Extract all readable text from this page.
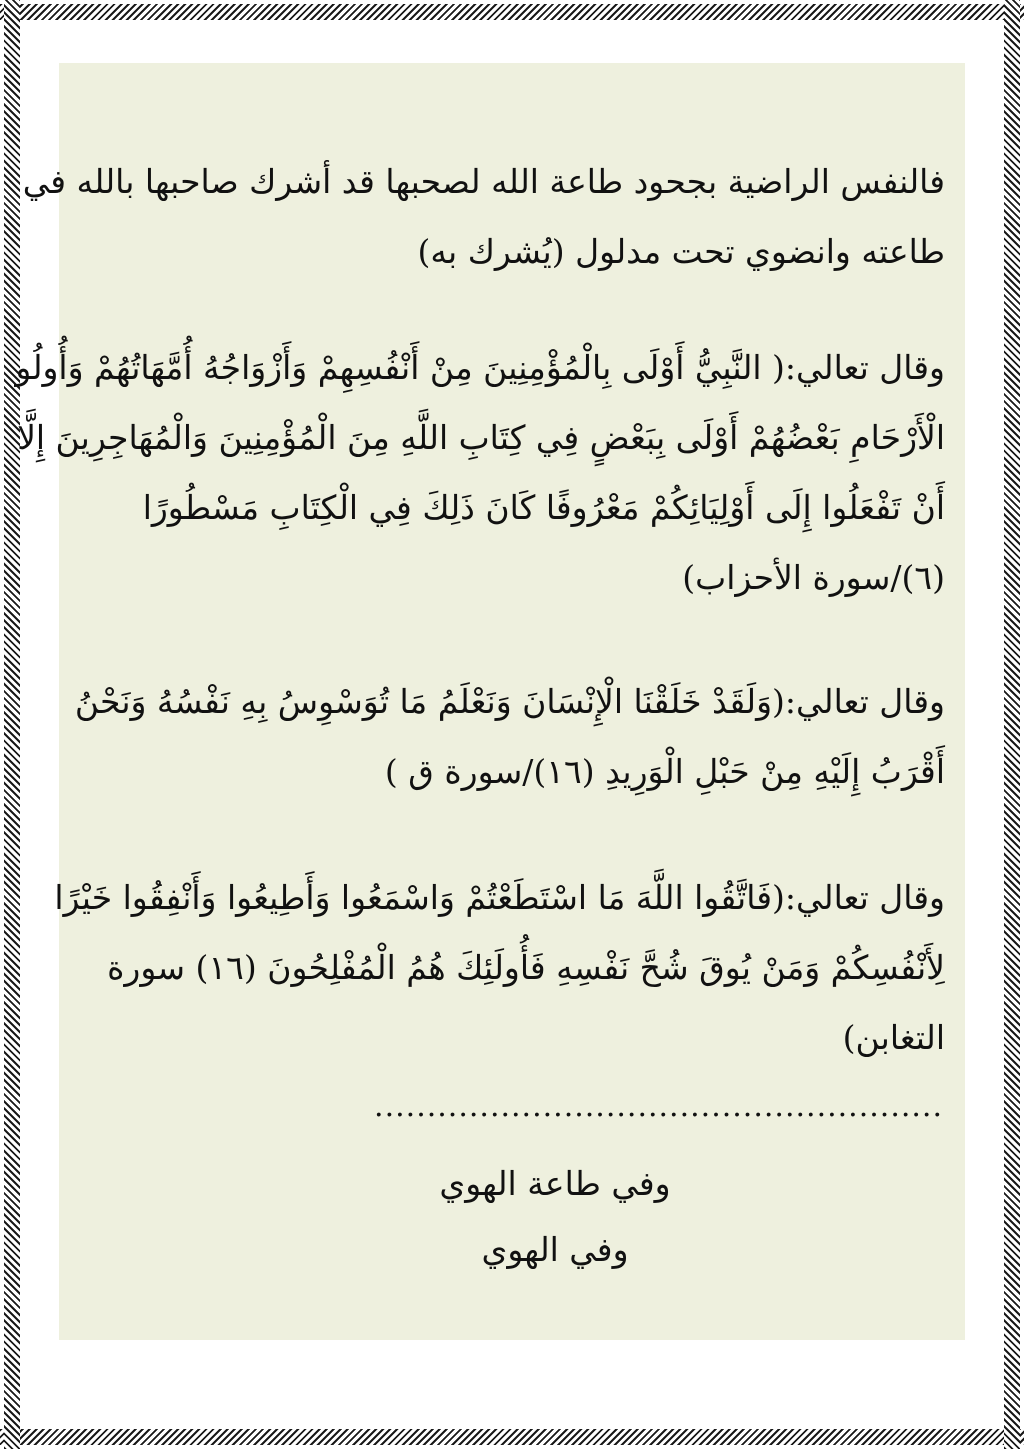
فالنفس الراضية بجحود طاعة الله لصحبها قد أشرك صاحبها بالله في
طاعته وانضوي تحت مدلول (يُشرك به)

وقال تعالي:( النَّبِيُّ أَوْلَى بِالْمُؤْمِنِينَ مِنْ أَنْفُسِهِمْ وَأَزْوَاجُهُ أُمَّهَاتُهُمْ وَأُولُو
الْأَرْحَامِ بَعْضُهُمْ أَوْلَى بِبَعْضٍ فِي كِتَابِ اللَّهِ مِنَ الْمُؤْمِنِينَ وَالْمُهَاجِرِينَ إِلَّا
أَنْ تَفْعَلُوا إِلَى أَوْلِيَائِكُمْ مَعْرُوفًا كَانَ ذَلِكَ فِي الْكِتَابِ مَسْطُورًا
(٦)/سورة الأحزاب)

وقال تعالي:(وَلَقَدْ خَلَقْنَا الْإِنْسَانَ وَنَعْلَمُ مَا تُوَسْوِسُ بِهِ نَفْسُهُ وَنَحْنُ
أَقْرَبُ إِلَيْهِ مِنْ حَبْلِ الْوَرِيدِ (١٦)/سورة ق )

وقال تعالي:(فَاتَّقُوا اللَّهَ مَا اسْتَطَعْتُمْ وَاسْمَعُوا وَأَطِيعُوا وَأَنْفِقُوا خَيْرًا
لِأَنْفُسِكُمْ وَمَنْ يُوقَ شُحَّ نَفْسِهِ فَأُولَئِكَ هُمُ الْمُفْلِحُونَ (١٦) سورة
التغابن)

......................................................
وفي طاعة الهوي
وفي الهوي
